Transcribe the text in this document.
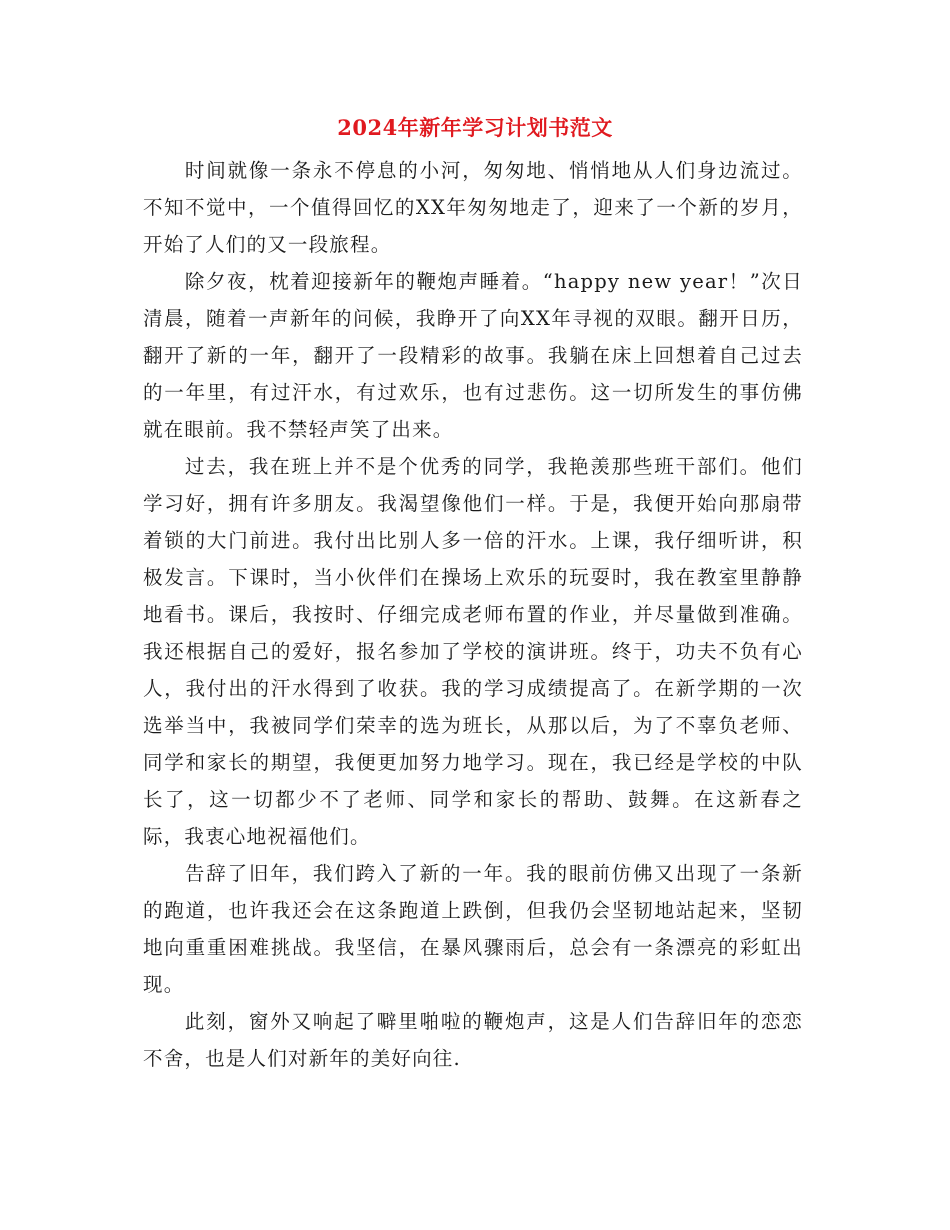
2024年新年学习计划书范文

时间就像一条永不停息的小河，匆匆地、悄悄地从人们身边流过。不知不觉中，一个值得回忆的XX年匆匆地走了，迎来了一个新的岁月，开始了人们的又一段旅程。

除夕夜，枕着迎接新年的鞭炮声睡着。“happy new year！”次日清晨，随着一声新年的问候，我睁开了向XX年寻视的双眼。翻开日历，翻开了新的一年，翻开了一段精彩的故事。我躺在床上回想着自己过去的一年里，有过汗水，有过欢乐，也有过悲伤。这一切所发生的事仿佛就在眼前。我不禁轻声笑了出来。

过去，我在班上并不是个优秀的同学，我艳羡那些班干部们。他们学习好，拥有许多朋友。我渴望像他们一样。于是，我便开始向那扇带着锁的大门前进。我付出比别人多一倍的汗水。上课，我仔细听讲，积极发言。下课时，当小伙伴们在操场上欢乐的玩耍时，我在教室里静静地看书。课后，我按时、仔细完成老师布置的作业，并尽量做到准确。我还根据自己的爱好，报名参加了学校的演讲班。终于，功夫不负有心人，我付出的汗水得到了收获。我的学习成绩提高了。在新学期的一次选举当中，我被同学们荣幸的选为班长，从那以后，为了不辜负老师、同学和家长的期望，我便更加努力地学习。现在，我已经是学校的中队长了，这一切都少不了老师、同学和家长的帮助、鼓舞。在这新春之际，我衷心地祝福他们。

告辞了旧年，我们跨入了新的一年。我的眼前仿佛又出现了一条新的跑道，也许我还会在这条跑道上跌倒，但我仍会坚韧地站起来，坚韧地向重重困难挑战。我坚信，在暴风骤雨后，总会有一条漂亮的彩虹出现。

此刻，窗外又响起了噼里啪啦的鞭炮声，这是人们告辞旧年的恋恋不舍，也是人们对新年的美好向往.
